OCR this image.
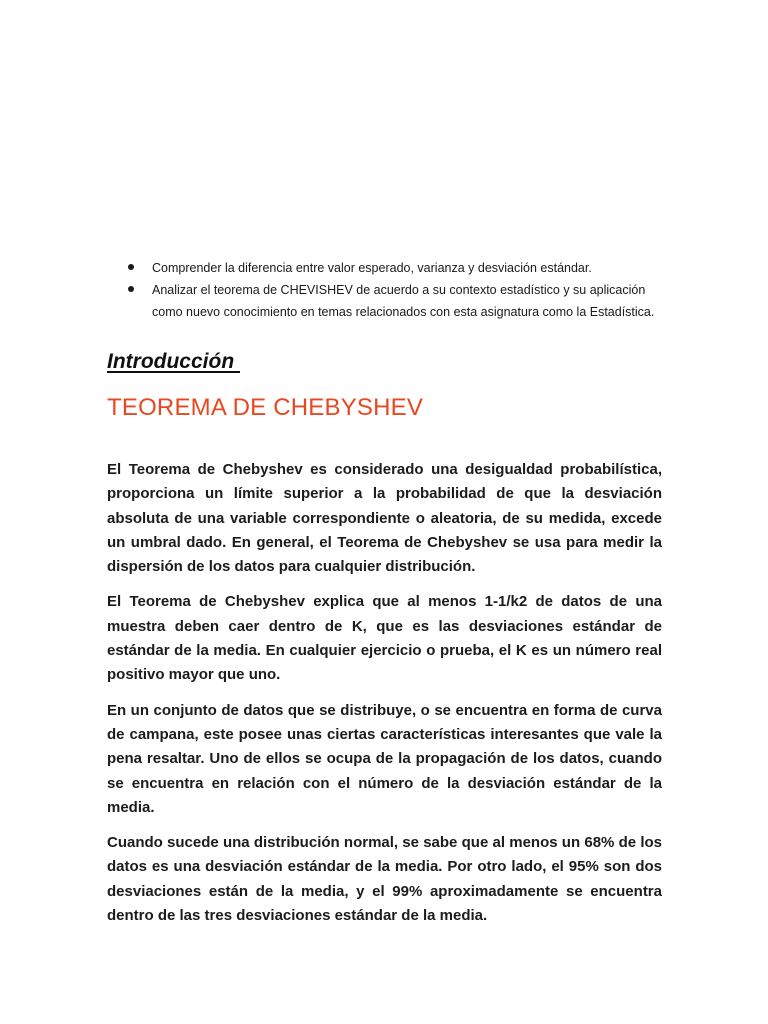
Comprender la diferencia entre valor esperado, varianza y desviación estándar.
Analizar el teorema de CHEVISHEV de acuerdo a su contexto estadístico y su aplicación como nuevo conocimiento en temas relacionados con esta asignatura como la Estadística.
Introducción
TEOREMA DE CHEBYSHEV

El Teorema de Chebyshev es considerado una desigualdad probabilística, proporciona un límite superior a la probabilidad de que la desviación absoluta de una variable correspondiente o aleatoria, de su medida, excede un umbral dado. En general, el Teorema de Chebyshev se usa para medir la dispersión de los datos para cualquier distribución.

El Teorema de Chebyshev explica que al menos 1-1/k2 de datos de una muestra deben caer dentro de K, que es las desviaciones estándar de estándar de la media. En cualquier ejercicio o prueba, el K es un número real positivo mayor que uno.

En un conjunto de datos que se distribuye, o se encuentra en forma de curva de campana, este posee unas ciertas características interesantes que vale la pena resaltar. Uno de ellos se ocupa de la propagación de los datos, cuando se encuentra en relación con el número de la desviación estándar de la media.

Cuando sucede una distribución normal, se sabe que al menos un 68% de los datos es una desviación estándar de la media. Por otro lado, el 95% son dos desviaciones están de la media, y el 99% aproximadamente se encuentra dentro de las tres desviaciones estándar de la media.
